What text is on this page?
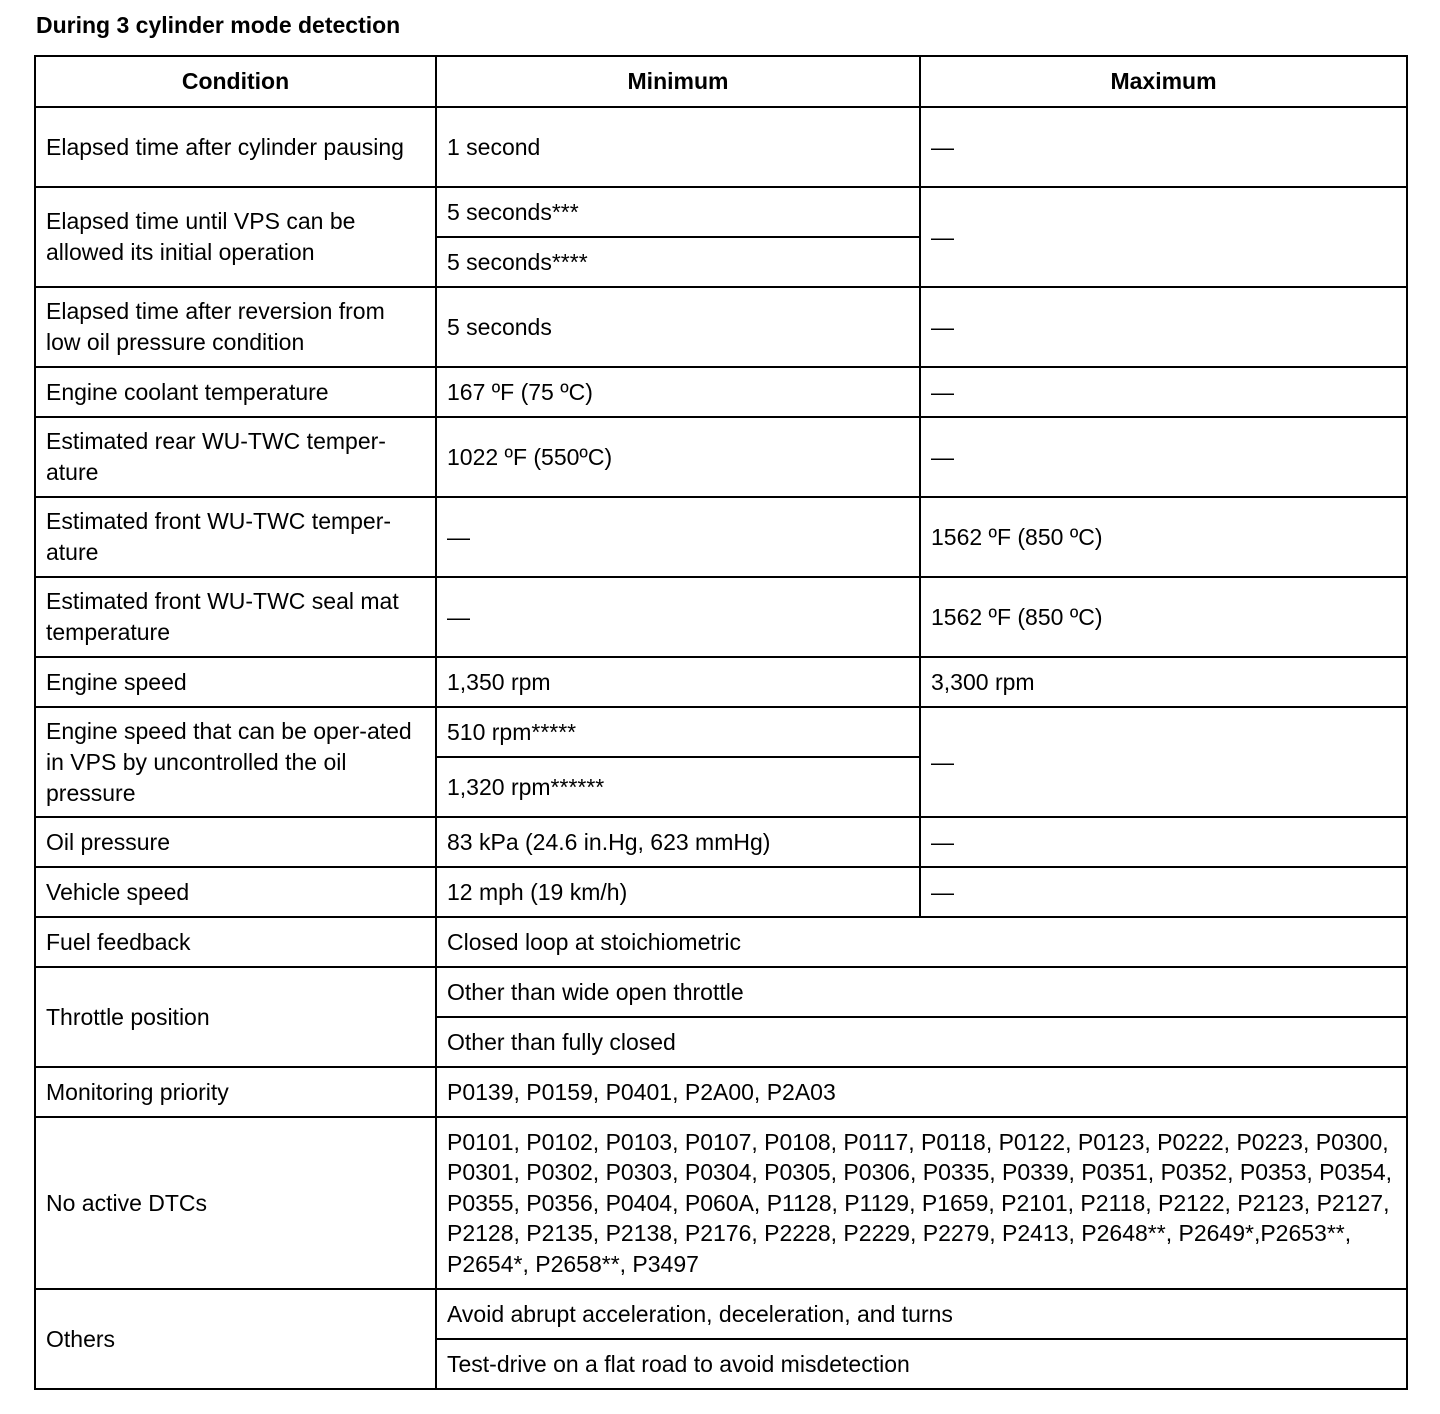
During 3 cylinder mode detection
Condition	Minimum	Maximum
Elapsed time after cylinder pausing	1 second	—
Elapsed time until VPS can be allowed its initial operation	5 seconds***	—
	5 seconds****	
Elapsed time after reversion from low oil pressure condition	5 seconds	—
Engine coolant temperature	167 ºF (75 ºC)	—
Estimated rear WU-TWC temper-ature	1022 ºF (550ºC)	—
Estimated front WU-TWC temper-ature	—	1562 ºF (850 ºC)
Estimated front WU-TWC seal mat temperature	—	1562 ºF (850 ºC)
Engine speed	1,350 rpm	3,300 rpm
Engine speed that can be oper-ated in VPS by uncontrolled the oil pressure	510 rpm*****	—
	1,320 rpm******	
Oil pressure	83 kPa (24.6 in.Hg, 623 mmHg)	—
Vehicle speed	12 mph (19 km/h)	—
Fuel feedback	Closed loop at stoichiometric	
Throttle position	Other than wide open throttle	
	Other than fully closed	
Monitoring priority	P0139, P0159, P0401, P2A00, P2A03	
No active DTCs	P0101, P0102, P0103, P0107, P0108, P0117, P0118, P0122, P0123, P0222, P0223, P0300, P0301, P0302, P0303, P0304, P0305, P0306, P0335, P0339, P0351, P0352, P0353, P0354, P0355, P0356, P0404, P060A, P1128, P1129, P1659, P2101, P2118, P2122, P2123, P2127, P2128, P2135, P2138, P2176, P2228, P2229, P2279, P2413, P2648**, P2649*,P2653**, P2654*, P2658**, P3497	
Others	Avoid abrupt acceleration, deceleration, and turns	
	Test-drive on a flat road to avoid misdetection	
